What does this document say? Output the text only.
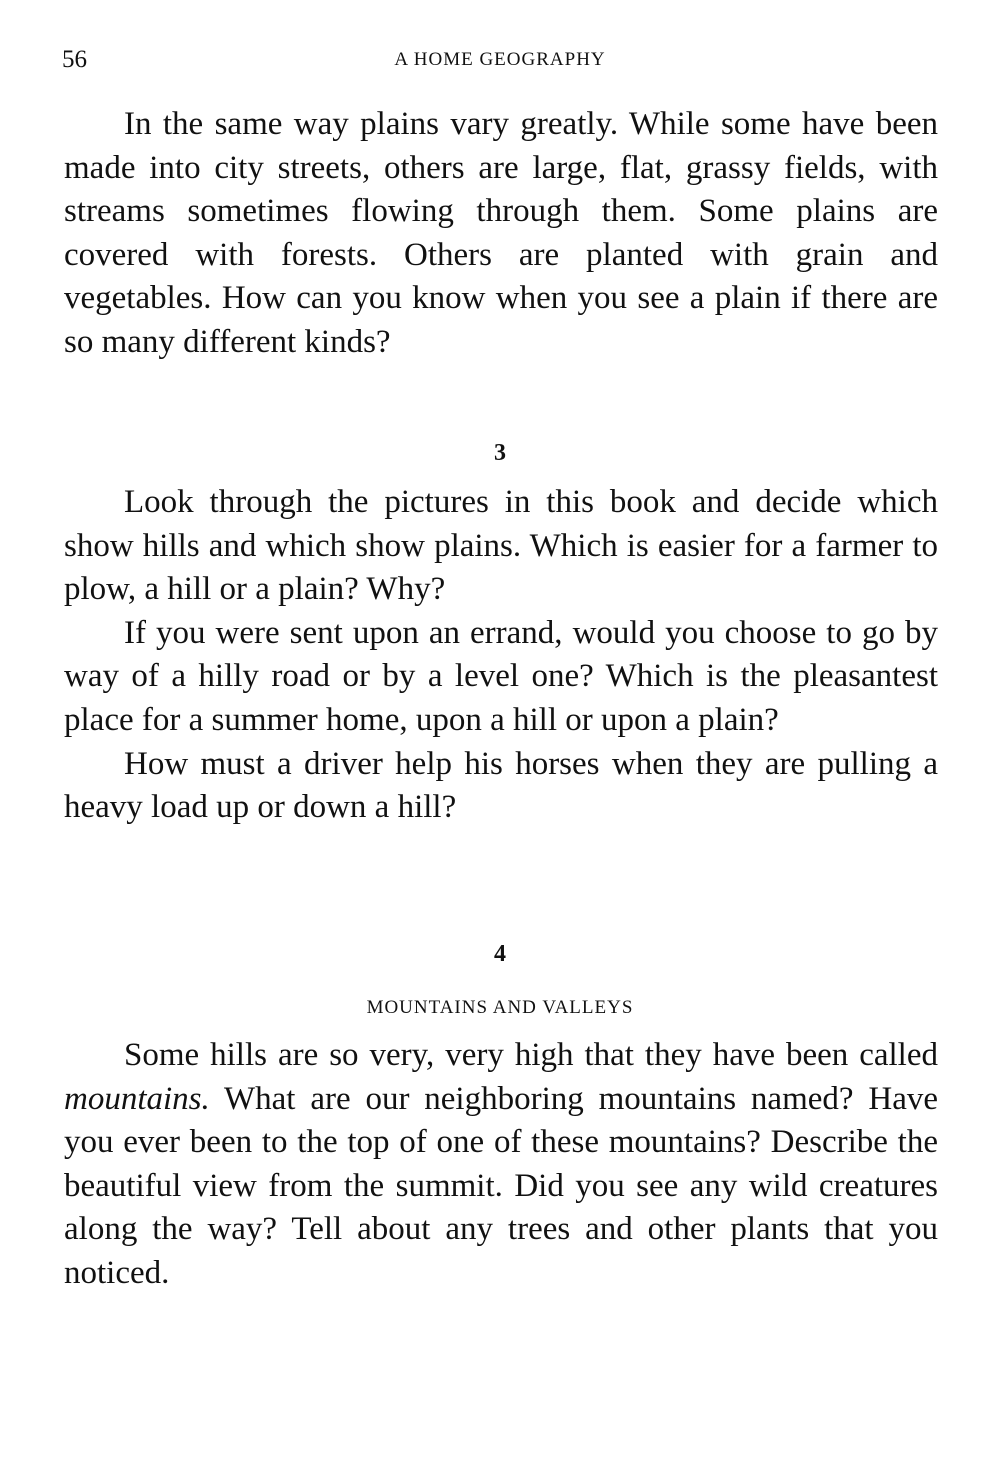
56	A HOME GEOGRAPHY

In the same way plains vary greatly. While some have been made into city streets, others are large, flat, grassy fields, with streams sometimes flowing through them. Some plains are covered with forests. Others are planted with grain and vegetables. How can you know when you see a plain if there are so many different kinds?

3

Look through the pictures in this book and decide which show hills and which show plains. Which is easier for a farmer to plow, a hill or a plain? Why?

If you were sent upon an errand, would you choose to go by way of a hilly road or by a level one? Which is the pleasantest place for a summer home, upon a hill or upon a plain?

How must a driver help his horses when they are pulling a heavy load up or down a hill?

4
MOUNTAINS AND VALLEYS

Some hills are so very, very high that they have been called mountains. What are our neighboring mountains named? Have you ever been to the top of one of these mountains? Describe the beautiful view from the summit. Did you see any wild creatures along the way? Tell about any trees and other plants that you noticed.
